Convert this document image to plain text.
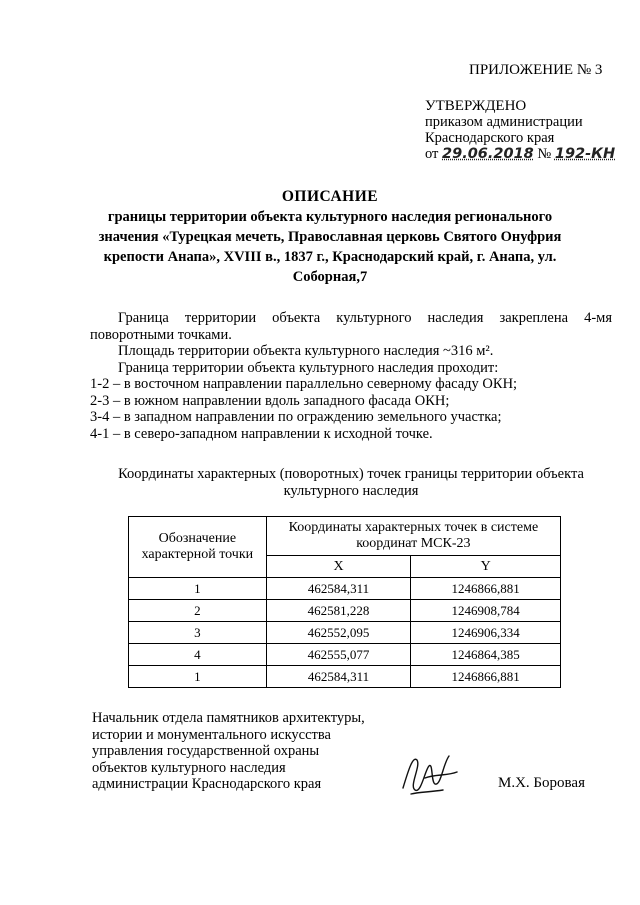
ПРИЛОЖЕНИЕ № 3
УТВЕРЖДЕНО
приказом администрации
Краснодарского края
от 29.06.2018 № 192-КН
ОПИСАНИЕ
границы территории объекта культурного наследия регионального значения «Турецкая мечеть, Православная церковь Святого Онуфрия крепости Анапа», XVIII в., 1837 г., Краснодарский край, г. Анапа, ул. Соборная,7

Граница территории объекта культурного наследия закреплена 4-мя поворотными точками.

Площадь территории объекта культурного наследия ~316 м².

Граница территории объекта культурного наследия проходит:

1-2 – в восточном направлении параллельно северному фасаду ОКН;

2-3 – в южном направлении вдоль западного фасада ОКН;

3-4 – в западном направлении по ограждению земельного участка;

4-1 – в северо-западном направлении к исходной точке.

Координаты характерных (поворотных) точек границы территории объекта культурного наследия
Обозначение характерной точки	Координаты характерных точек в системе координат МСК-23	
	X	Y
1	462584,311	1246866,881
2	462581,228	1246908,784
3	462552,095	1246906,334
4	462555,077	1246864,385
1	462584,311	1246866,881
Начальник отдела памятников архитектуры,
истории и монументального искусства
управления государственной охраны
объектов культурного наследия
администрации Краснодарского края	М.Х. Боровая
